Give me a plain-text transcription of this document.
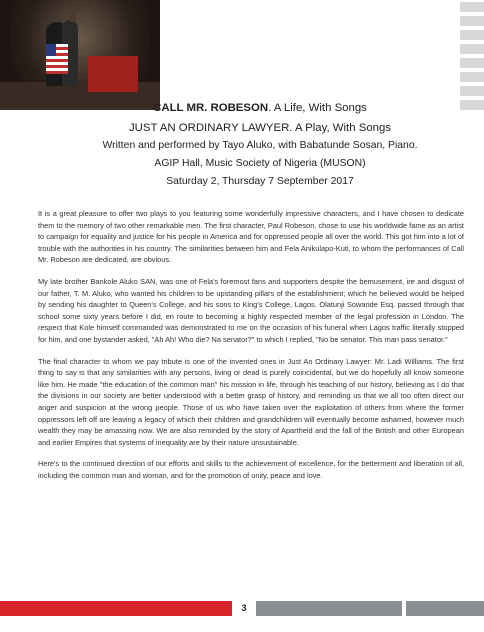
CALL MR. ROBESON. A Life, With Songs
JUST AN ORDINARY LAWYER. A Play, With Songs
Written and performed by Tayo Aluko, with Babatunde Sosan, Piano.
AGIP Hall, Music Society of Nigeria (MUSON)
Saturday 2, Thursday 7 September 2017

It is a great pleasure to offer two plays to you featuring some wonderfully impressive characters, and I have chosen to dedicate them to the memory of two other remarkable men. The first character, Paul Robeson, chose to use his worldwide fame as an artist to campaign for equality and justice for his people in America and for oppressed people all over the world. This got him into a lot of trouble with the authorities in his country. The similarities between him and Fela Anikulapo-Kuti, to whom the performances of Call Mr. Robeson are dedicated, are obvious.

My late brother Bankole Aluko SAN, was one of Fela's foremost fans and supporters despite the bemusement, ire and disgust of our father, T. M. Aluko, who wanted his children to be upstanding pillars of the establishment; which he believed would be helped by sending his daughter to Queen's College, and his sons to King's College, Lagos. Olatunji Sowande Esq. passed through that school some sixty years before I did, en route to becoming a highly respected member of the legal profession in London. The respect that Kole himself commanded was demonstrated to me on the occasion of his funeral when Lagos traffic literally stopped for him, and one bystander asked, "Ah Ah! Who die? Na senator?" to which I replied, "No be senator. This man pass senator."

The final character to whom we pay tribute is one of the invented ones in Just An Ordinary Lawyer: Mr. Ladi Williams. The first thing to say is that any similarities with any persons, living or dead is purely coincidental, but we do hopefully all know someone like him. He made "the education of the common man" his mission in life, through his teaching of our history, believing as I do that the divisions in our society are better understood with a better grasp of history, and reminding us that we all too often direct our anger and suspicion at the wrong people. Those of us who have taken over the exploitation of others from where the former oppressors left off are leaving a legacy of which their children and grandchildren will eventually become ashamed, however much wealth they may be amassing now. We are also reminded by the story of Apartheid and the fall of the British and other European and earlier Empires that systems of inequality are by their nature unsustainable.

Here's to the continued direction of our efforts and skills to the achievement of excellence, for the betterment and liberation of all, including the common man and woman, and for the promotion of unity, peace and love.

3
